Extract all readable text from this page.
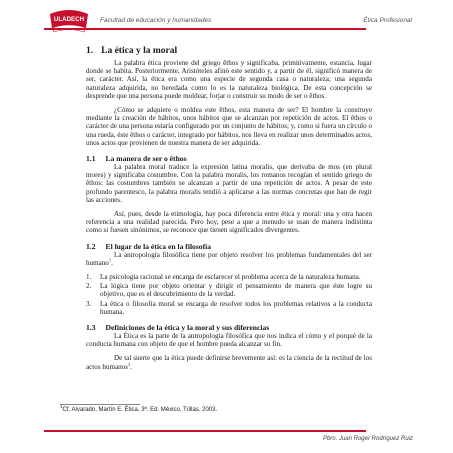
ULADECH Facultad de educación y humanidades	Ética Profesional
1. La ética y la moral

La palabra ética proviene del griego êthos y significaba, primitivamente, estancia, lugar donde se habita. Posteriormente, Aristóteles afinó este sentido y, a partir de él, significó manera de ser, carácter. Así, la ética era como una especie de segunda casa o naturaleza; una segunda naturaleza adquirida, no heredada como lo es la naturaleza biológica. De esta concepción se desprende que una persona puede moldear, forjar o construir su modo de ser o êthos.

¿Cómo se adquiere o moldea este êthos, esta manera de ser? El hombre la construye mediante la creación de hábitos, unos hábitos que se alcanzan por repetición de actos. El êthos o carácter de una persona estaría configurado por un conjunto de hábitos; y, como si fuera un círculo o una rueda, éste êthos o carácter, integrado por hábitos, nos lleva en realizar unos determinados actos, unos actos que provienen de nuestra manera de ser adquirida.

1.1 La manera de ser o êthos

La palabra moral traduce la expresión latina moralis, que derivaba de mos (en plural mores) y significaba costumbre. Con la palabra moralis, los romanos recogían el sentido griego de êthos: las costumbres también se alcanzan a partir de una repetición de actos. A pesar de este profundo parentesco, la palabra moralis tendió a aplicarse a las normas concretas que han de regir las acciones.

Así, pues, desde la etimología, hay poca diferencia entre ética y moral: una y otra hacen referencia a una realidad parecida. Pero hoy, pese a que a menudo se usan de manera indistinta como si fuesen sinónimos, se reconoce que tienen significados divergentes.

1.2 El lugar de la ética en la filosofía

La antropología filosófica tiene por objeto resolver los problemas fundamentales del ser humano$^1$.

1.	La psicología racional se encarga de esclarecer el problema acerca de la naturaleza humana.
2.	La lógica tiene por objeto orientar y dirigir el pensamiento de manera que éste logre su objetivo, que es el descubrimiento de la verdad.
3.	La ética o filosofía moral se encarga de resolver todos los problemas relativos a la conducta humana.
1.3 Definiciones de la ética y la moral y sus diferencias

La Ética es la parte de la antropología filosófica que nos indica el cómo y el porqué de la conducta humana con objeto de que el hombre pueda alcanzar su fin.

De tal suerte que la ética puede definirse brevemente así: es la ciencia de la rectitud de los actos humanos$^2$.

$^1$Cf. Alvarado, Martín E. Ética. 3ª. Ed. México. Trillas. 2003.
Pbro. Juan Roger Rodríguez Ruiz
